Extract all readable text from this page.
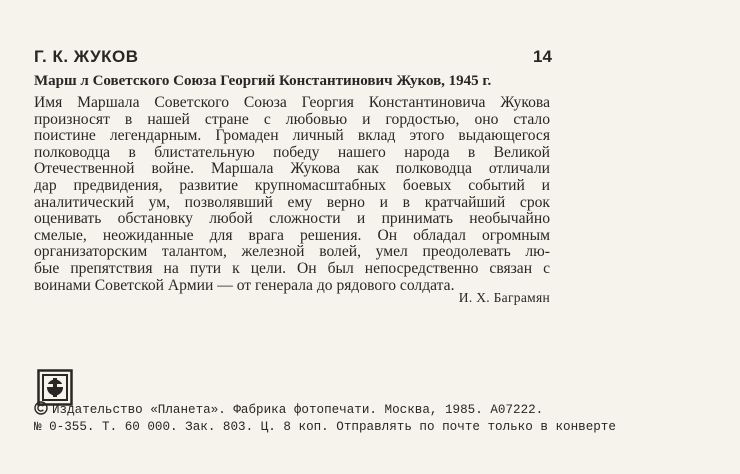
Г. К. ЖУКОВ	14
Марш л Советского Союза Георгий Константинович Жуков, 1945 г.
Имя Маршала Советского Союза Георгия Константиновича Жукова
произносят в нашей стране с любовью и гордостью, оно стало
поистине легендарным. Громаден личный вклад этого выдающегося
полководца в блистательную победу нашего народа в Великой
Отечественной войне. Маршала Жукова как полководца отличали
дар предвидения, развитие крупномасштабных боевых событий и
аналитический ум, позволявший ему верно и в кратчайший срок
оценивать обстановку любой сложности и принимать необычайно
смелые, неожиданные для врага решения. Он обладал огромным
организаторским талантом, железной волей, умел преодолевать лю-
бые препятствия на пути к цели. Он был непосредственно связан с
воинами Советской Армии — от генерала до рядового солдата.
И. Х. Баграмян
Издательство «Планета». Фабрика фотопечати. Москва, 1985. А07222.
№ 0-355. Т. 60 000. Зак. 803. Ц. 8 коп. Отправлять по почте только в конверте
